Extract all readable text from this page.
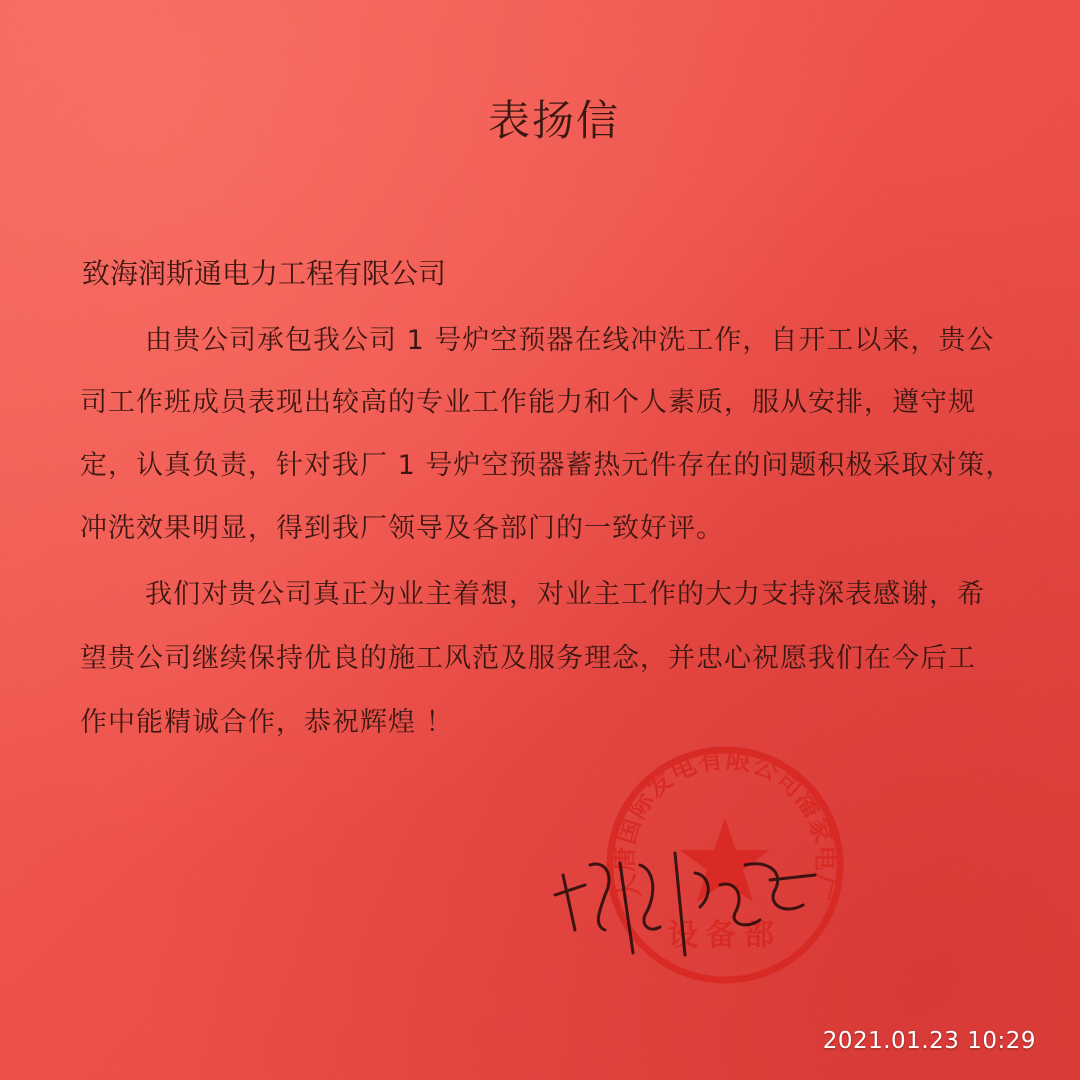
表扬信
致海润斯通电力工程有限公司
由贵公司承包我公司 1 号炉空预器在线冲洗工作，自开工以来，贵公
司工作班成员表现出较高的专业工作能力和个人素质，服从安排，遵守规
定，认真负责，针对我厂 1 号炉空预器蓄热元件存在的问题积极采取对策，
冲洗效果明显，得到我厂领导及各部门的一致好评。
我们对贵公司真正为业主着想，对业主工作的大力支持深表感谢，希
望贵公司继续保持优良的施工风范及服务理念，并忠心祝愿我们在今后工
作中能精诚合作，恭祝辉煌 ！
大唐国际发电有限公司潘家电厂
设备部
2021.01.23 10:29
